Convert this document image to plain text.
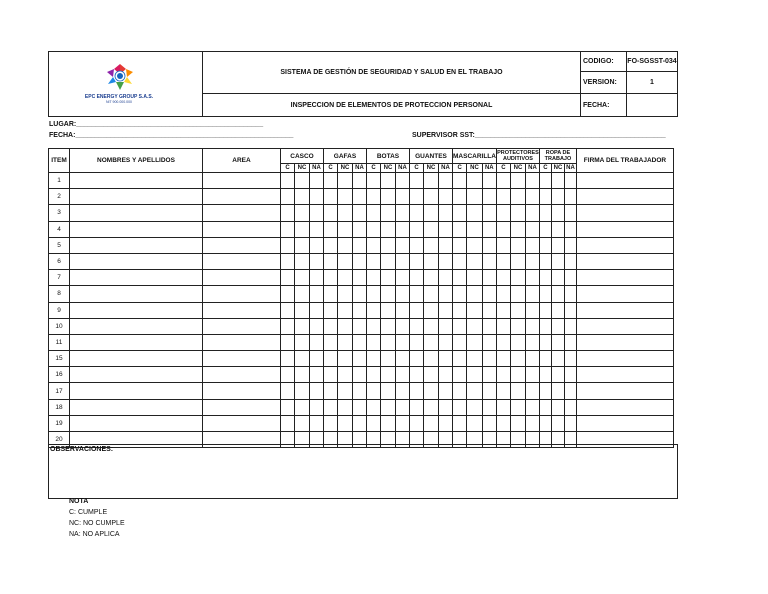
EPC ENERGY GROUP S.A.S.
NIT 900.000.000
SISTEMA DE GESTIÓN DE SEGURIDAD Y SALUD EN EL TRABAJO
INSPECCION DE ELEMENTOS DE PROTECCION PERSONAL
CODIGO:	FO-SGSST-034
VERSION:	1
FECHA:
LUGAR:________________________________________________
FECHA:________________________________________________________	SUPERVISOR SST:_________________________________________________
ITEM	NOMBRES Y APELLIDOS	AREA	CASCO			GAFAS			BOTAS			GUANTES			MASCARILLA			PROTECTORES AUDITIVOS			ROPA DE TRABAJO			FIRMA DEL TRABAJADOR
			C	NC	NA	C	NC	NA	C	NC	NA	C	NC	NA	C	NC	NA	C	NC	NA	C	NC	NA	
1																								
2																								
3																								
4																								
5																								
6																								
7																								
8																								
9																								
10																								
11																								
15																								
16																								
17																								
18																								
19																								
20																								
OBSERVACIONES:
NOTA
C: CUMPLE
NC: NO CUMPLE
NA: NO APLICA
